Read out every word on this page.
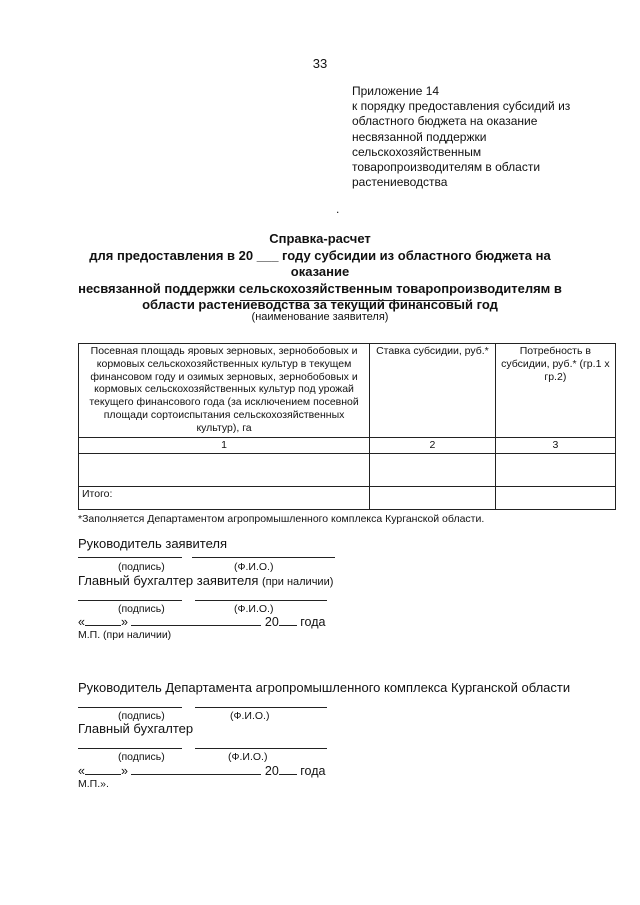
33
Приложение 14
к порядку предоставления субсидий из
областного бюджета на оказание
несвязанной поддержки
сельскохозяйственным
товаропроизводителям в области
растениеводства
.
Справка-расчет
для предоставления в 20 ___ году субсидии из областного бюджета на оказание
несвязанной поддержки сельскохозяйственным товаропроизводителям в
области растениеводства за текущий финансовый год
(наименование заявителя)
Посевная площадь яровых зерновых, зернобобовых и кормовых сельскохозяйственных культур в текущем финансовом году и озимых зерновых, зернобобовых и кормовых сельскохозяйственных культур под урожай текущего финансового года (за исключением посевной площади сортоиспытания сельскохозяйственных культур), га	Ставка субсидии, руб.*	Потребность в субсидии, руб.* (гр.1 х гр.2)
1	2	3

Итого:		
*Заполняется Департаментом агропромышленного комплекса Курганской области.
Руководитель заявителя
(подпись)	(Ф.И.О.)
Главный бухгалтер заявителя (при наличии)
(подпись)	(Ф.И.О.)
«	»	20 года
М.П. (при наличии)
Руководитель Департамента агропромышленного комплекса Курганской области
(подпись)	(Ф.И.О.)
Главный бухгалтер
(подпись)	(Ф.И.О.)
«	»	20 года
М.П.».
